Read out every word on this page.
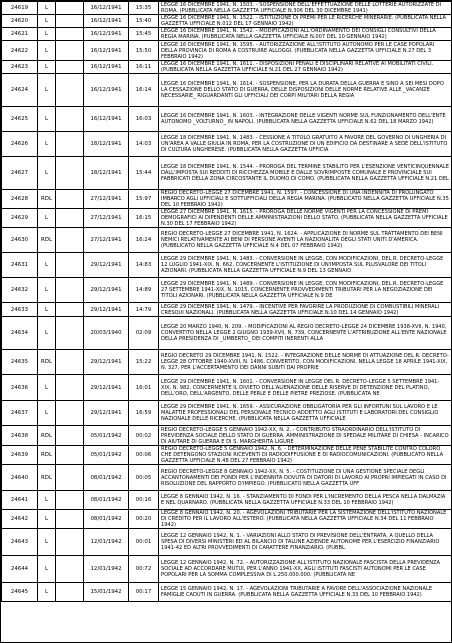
24619	L		16/12/1941	15:35	LEGGE 16 DICEMBRE 1941, N. 1503. - SOSPENSIONE DELL'EFFETTUAZIONE DELLE LOTTERIE AUTORIZZATE DI ROMA. (PUBBLICATA NELLA GAZZETTA UFFICIALE N.306 DEL 30 DICEMBRE 1941)
24620	L		16/12/1941	15:40	LEGGE 16 DICEMBRE 1941, N. 1522. - ISTITUZIONE DI PREMI PER LE RICERCHE MINERARIE. (PUBBLICATA NELLA GAZZETTA UFFICIALE N.012 DEL 17 GENNAIO 1942)
24621	L		16/12/1941	15:45	LEGGE 16 DICEMBRE 1941, N. 1542. - MODIFICAZIONI ALL'ORDINAMENTO DEI CONSIGLI CONSULTIVI DELLA REGIA MARINA. (PUBBLICATA NELLA GAZZETTA UFFICIALE N.007 DEL 10 GENNAIO 1942)
24622	L		16/12/1941	15:50	LEGGE 16 DICEMBRE 1941, N. 1595. - AUTORIZZAZIONE ALL'ISTITUTO AUTONOMO PER LE CASE POPOLARI DELLA PROVINCIA DI ROMA A COSTRUIRE ALLOGGI. (PUBBLICATA NELLA GAZZETTA UFFICIALE N.27 DEL 3 FEBBRAIO 1942)
24623	L		16/12/1941	16:11	LEGGE 16 DICEMBRE 1941, N. 1611. - DISPOSIZIONI PENALI E DISCIPLINARI RELATIVE AI MOBILITATI CIVILI. (PUBBLICATA NELLA GAZZETTA UFFICIALE N.21 DEL 27 GENNAIO 1942)
24624	L		16/12/1941	16:14	LEGGE 16 DICEMBRE 1941, N. 1614. - SOSPENSIONE, PER LA DURATA DELLA GUERRA E SINO A SEI MESI DOPO LA CESSAZIONE DELLO STATO DI GUERRA, DELLE DISPOSIZIONI DELLE NORME RELATIVE ALLE _VACANZE NECESSARIE_ RIGUARDANTI GLI UFFICIALI DEI CORPI MILITARI DELLA REGIA
24625	L		16/12/1941	16:03	LEGGE 16 DICEMBRE 1941, N. 1603. - INTEGRAZIONE DELLE VIGENTI NORME SUL FUNZIONAMENTO DELL'ENTE AUTONOMO _VOLTURNO_ IN NAPOLI. (PUBBLICATA NELLA GAZZETTA UFFICIALE N.62 DEL 18 MARZO 1942)
24626	L		18/12/1941	14:03	LEGGE 18 DICEMBRE 1941, N. 1483. - CESSIONE A TITOLO GRATUITO A FAVORE DEL GOVERNO DI UNGHERIA DI UN'AREA A VALLE GIULIA IN ROMA, PER LA COSTRUZIONE DI UN EDIFICIO DA DESTINARE A SEDE DELL'ISTITUTO DI CULTURA UNGHERESE. (PUBBLICATA NELLA GAZZETTA UFFICIA
24627	L		18/12/1941	15:44	LEGGE 18 DICEMBRE 1941, N. 1544. - PROROGA DEL TERMINE STABILITO PER L'ESENZIONE VENTICINQUENNALE DALL'IMPOSTA SUI REDDITI DI RICCHEZZA MOBILE E DALLE SOVRIMPOSTE COMUNALE E PROVINCIALE SUI FABBRICATI DELLA ZONA CIRCOSTANTE IL DUOMO DI COMO. (PUBBLICATA NELLA GAZZETTA UFFICIALE N.21 DEL
24628	RDL		27/12/1941	15:97	REGIO DECRETO-LEGGE 27 DICEMBRE 1941, N. 1597. - CONCESSIONE DI UNA INDENNITA DI PROLUNGATO IMBARCO AGLI UFFICIALI E SOTTUFFICIALI DELLA REGIA MARINA. (PUBBLICATO NELLA GAZZETTA UFFICIALE N.35 DEL 10 FEBBRAIO 1942)
24629	L		27/12/1941	16:15	LEGGE 27 DICEMBRE 1941, N. 1615. - PROROGA DELLE NORME VIGENTI PER LA CONCESSIONE DI PREMI DEMOGRAFICI AI DIPENDENTI DELLE AMMINISTRAZIONI DELLO STATO. (PUBBLICATA NELLA GAZZETTA UFFICIALE N.30 DEL 17 FEBBRAIO 1942)
24630	RDL		27/12/1941	16:24	REGIO DECRETO-LEGGE 27 DICEMBRE 1941, N. 1624. - APPLICAZIONE DI NORME SUL TRATTAMENTO DEI BENI NEMICI RELATIVAMENTE AI BENI DI PERSONE AVENTI LA NAZIONALITA DEGLI STATI UNITI D'AMERICA. (PUBBLICATO NELLA GAZZETTA UFFICIALE N.4 DEL 07 FEBBRAIO 1942)
24631	L		29/12/1941	14:83	LEGGE 29 DICEMBRE 1941, N. 1483. - CONVERSIONE IN LEGGE, CON MODIFICAZIONI, DEL R. DECRETO-LEGGE 12 LUGLIO 1941-XIX, N. 662, CONCERNENTE L'ISTITUZIONE DI UN'IMPOSTA SUL PLUSVALORE DEI TITOLI AZIONARI. (PUBBLICATA NELLA GAZZETTA UFFICIALE N.9 DEL 13 GENNAIO
24632	L		29/12/1941	14:89	LEGGE 29 DICEMBRE 1941, N. 1489. - CONVERSIONE IN LEGGE, CON MODIFICAZIONI, DEL R. DECRETO-LEGGE 27 SETTEMBRE 1941-XIX, N. 1015, CONCERNENTE PROVVEDIMENTI TRIBUTARI PER LA NEGOZIAZIONE DEI TITOLI AZIONARI. (PUBBLICATA NELLA GAZZETTA UFFICIALE N.9 DE
24633	L		29/12/1941	14:79	LEGGE 29 DICEMBRE 1941, N. 1479. - INCENTIVE PER FAVORIRE LA PRODUZIONE DI COMBUSTIBILI MINERALI CRESQUI NAZIONALI. (PUBBLICATA NELLA GAZZETTA UFFICIALE N.10 DEL 14 GENNAIO 1942)
24634	L		20/03/1940	02:09	LEGGE 20 MARZO 1940, N. 209. - MODIFICAZIONI AL REGIO DECRETO-LEGGE 24 DICEMBRE 1938-XVII, N. 1940, CONVERTITO NELLA LEGGE 2 GIUGNO 1939-XVII, N. 739, CONCERNENTE L'ATTRIBUZIONE ALL'ENTE NAZIONALE DELLA PRESIDENZA DI _UMBERTO_ DEI COMPITI INERENTI ALLA
24635	RDL		29/12/1941	15:22	REGIO DECRETO 29 DICEMBRE 1941, N. 1522. - INTEGRAZIONE DELLE NORME DI ATTUAZIONE DEL R. DECRETO-LEGGE 28 OTTOBRE 1940-XVIII, N. 1486, CONVERTITO, CON MODIFICAZIONI, NELLA LEGGE 18 APRILE 1941-XIX, N. 327, PER L'ACCERTAMENTO DEI DANNI SUBITI DAI PROPRIE
24636	L		29/12/1941	16:01	LEGGE 29 DICEMBRE 1941, N. 1601. - CONVERSIONE IN LEGGE DEL R. DECRETO-LEGGE 5 SETTEMBRE 1941-XIX, N. 982, CONCERNENTE IL DIVIETO DELL'ALIENAZIONE DELLE RISERVE DI DETENZIONE DEL PLATINO, DELL'ORO, DELL'ARGENTO, DELLE PERLE E DELLE PIETRE PREZIOSE. (PUBBLICATA NE
24637	L		29/12/1941	16:59	LEGGE 29 DICEMBRE 1941, N. 1659. - ASSICURAZIONE OBBLIGATORIA PER GLI INFORTUNI SUL LAVORO E LE MALATTIE PROFESSIONALI DEL PERSONALE TECNICO ADDETTO AGLI ISTITUTI E LABORATORI DEL CONSIGLIO NAZIONALE DELLE RICERCHE. (PUBBLICATA NELLA GAZZETTA UFFICIALE
24638	RDL		05/01/1942	00:02	REGIO DECRETO-LEGGE 5 GENNAIO 1942-XX, N. 2. - CONTRIBUTO STRAORDINARIO DELL'ISTITUTO DI PREVIDENZA SOCIALE DELLO STATO DI GUERRA. AMMINISTRAZIONE DI SPEDALE MILITARE DI CHIESA - INCARICO DI AIUTARE DI GUERRA E DI S. MARGHERITA LIGURE
24639	RDL		05/01/1942	00:06	REGIO DECRETO-LEGGE 5 GENNAIO 1942, N. 6. - DETERMINAZIONE DELLE PENE STABILITE CONTRO COLORO CHE DETENGONO STAZIONI RICEVENTI DI RADIODIFFUSIONE E DI RADIOCOMUNICAZIONI. (PUBBLICATO NELLA GAZZETTA UFFICIALE N.48 DEL 27 FEBBRAIO 1942)
24640	RDL		08/01/1942	00:05	REGIO DECRETO-LEGGE 8 GENNAIO 1942-XX, N. 5. - COSTITUZIONE DI UNA GESTIONE SPECIALE DEGLI ACCANTONAMENTI DEI FONDI PER L'INDENNITA DOVUTA DI DATORI DI LAVORO AI PROPRI IMPIEGATI IN CASO DI RISOLUZIONE DEL RAPPORTO D'IMPIEGO. (PUBBLICATO NELLA GAZZETTA UFF
24641	L		08/01/1942	00:16	LEGGE 8 GENNAIO 1942, N. 16. - STANZIAMENTO DI FONDI PER L'INCREMENTO DELLA PESCA NELLA DALMAZIA E NEL QUARNARO. (PUBBLICATA NELLA GAZZETTA UFFICIALE N.33 DEL 10 FEBBRAIO 1942)
24642	L		08/01/1942	00:20	LEGGE 8 GENNAIO 1942, N. 20. - AGEVOLAZIONI TRIBUTARIE PER LA SISTEMAZIONE DELL'ISTITUTO NAZIONALE DI CREDITO PER IL LAVORO ALL'ESTERO. (PUBBLICATA NELLA GAZZETTA UFFICIALE N.34 DEL 11 FEBBRAIO 1942)
24643	L		12/01/1942	00:01	LEGGE 12 GENNAIO 1942, N. 1. - VARIAZIONI ALLO STATO DI PREVISIONE DELL'ENTRATA, A QUELLO DELLA SPESA DI DIVERSI MINISTERI ED AL BILANCIO DI TALUNE AZIENDE AUTONOME PER L'ESERCIZIO FINANZIARIO 1941-42 ED ALTRI PROVVEDIMENTI DI CARATTERE FINANZIARIO. (PUBBL
24644	L		12/01/1942	00:72	LEGGE 12 GENNAIO 1942, N. 72. - AUTORIZZAZIONE ALL'ISTITUTO NAZIONALE FASCISTA DELLA PREVIDENZA SOCIALE AD ACCORDARE MUTUI, PER L'ANNO 1941-XX, AGLI ISTITUTI FASCISTI AUTONOMI PER LE CASE POPOLARI PER LA SOMMA COMPLESSIVA DI L.250.000.000. (PUBBLICATA NE
24645	L		15/01/1942	00:17	LEGGE 15 GENNAIO 1942, N. 17. - AGEVOLAZIONI TRIBUTARIE A FAVORE DELL'ASSOCIAZIONE NAZIONALE FAMIGLIE CADUTI IN GUERRA. (PUBBLICATA NELLA GAZZETTA UFFICIALE N.33 DEL 10 FEBBRAIO 1942)
